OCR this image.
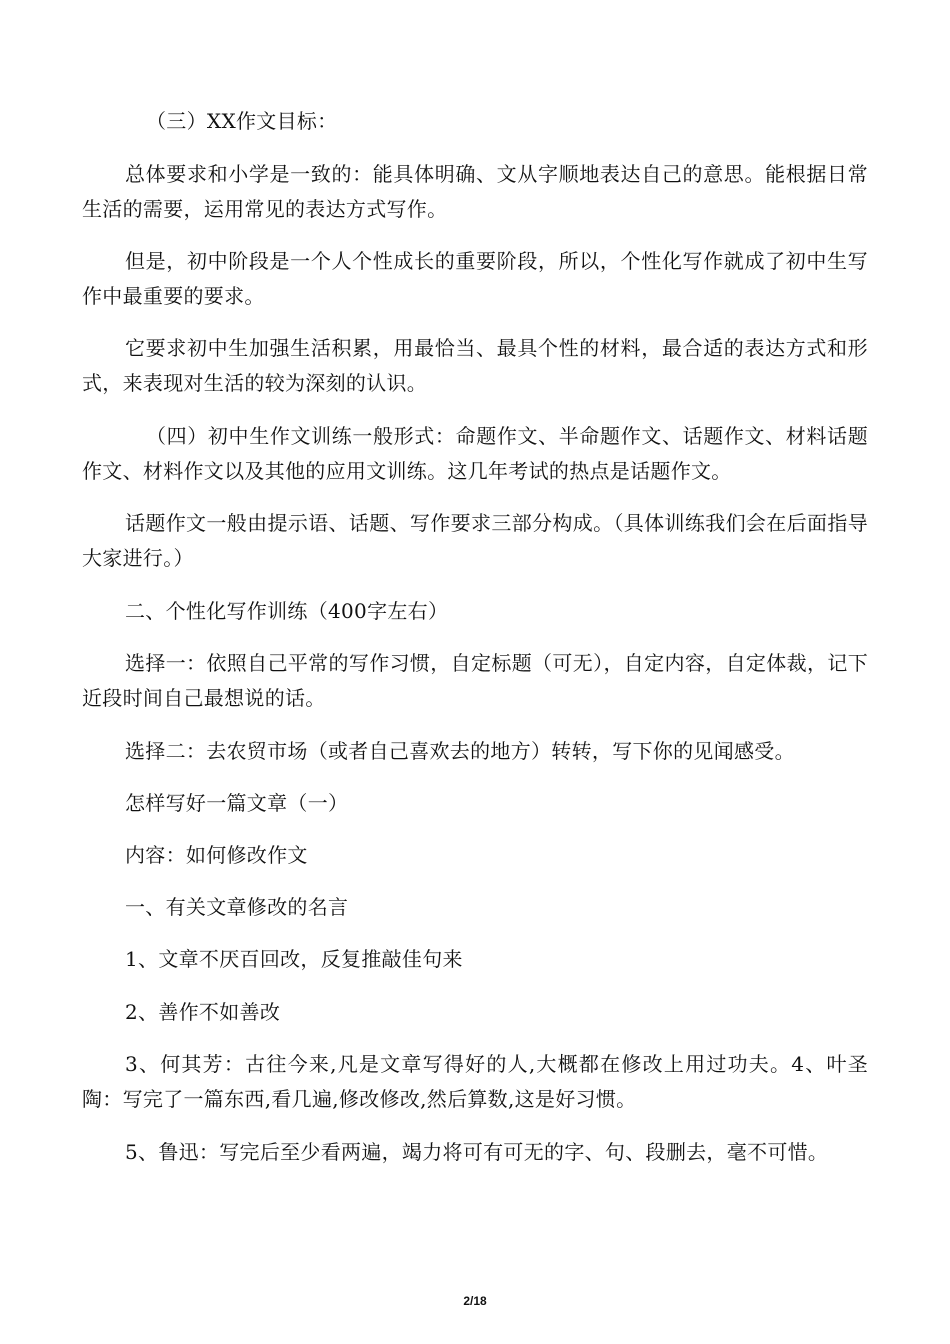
（三）XX作文目标：

总体要求和小学是一致的：能具体明确、文从字顺地表达自己的意思。能根据日常生活的需要，运用常见的表达方式写作。

但是，初中阶段是一个人个性成长的重要阶段，所以，个性化写作就成了初中生写作中最重要的要求。

它要求初中生加强生活积累，用最恰当、最具个性的材料，最合适的表达方式和形式，来表现对生活的较为深刻的认识。

（四）初中生作文训练一般形式：命题作文、半命题作文、话题作文、材料话题作文、材料作文以及其他的应用文训练。这几年考试的热点是话题作文。

话题作文一般由提示语、话题、写作要求三部分构成。（具体训练我们会在后面指导大家进行。）

二、个性化写作训练（400字左右）

选择一：依照自己平常的写作习惯，自定标题（可无），自定内容，自定体裁，记下近段时间自己最想说的话。

选择二：去农贸市场（或者自己喜欢去的地方）转转，写下你的见闻感受。

怎样写好一篇文章（一）

内容：如何修改作文

一、有关文章修改的名言

1、文章不厌百回改，反复推敲佳句来

2、善作不如善改

3、何其芳：古往今来,凡是文章写得好的人,大概都在修改上用过功夫。4、叶圣陶：写完了一篇东西,看几遍,修改修改,然后算数,这是好习惯。

5、鲁迅：写完后至少看两遍，竭力将可有可无的字、句、段删去，毫不可惜。

2/18
